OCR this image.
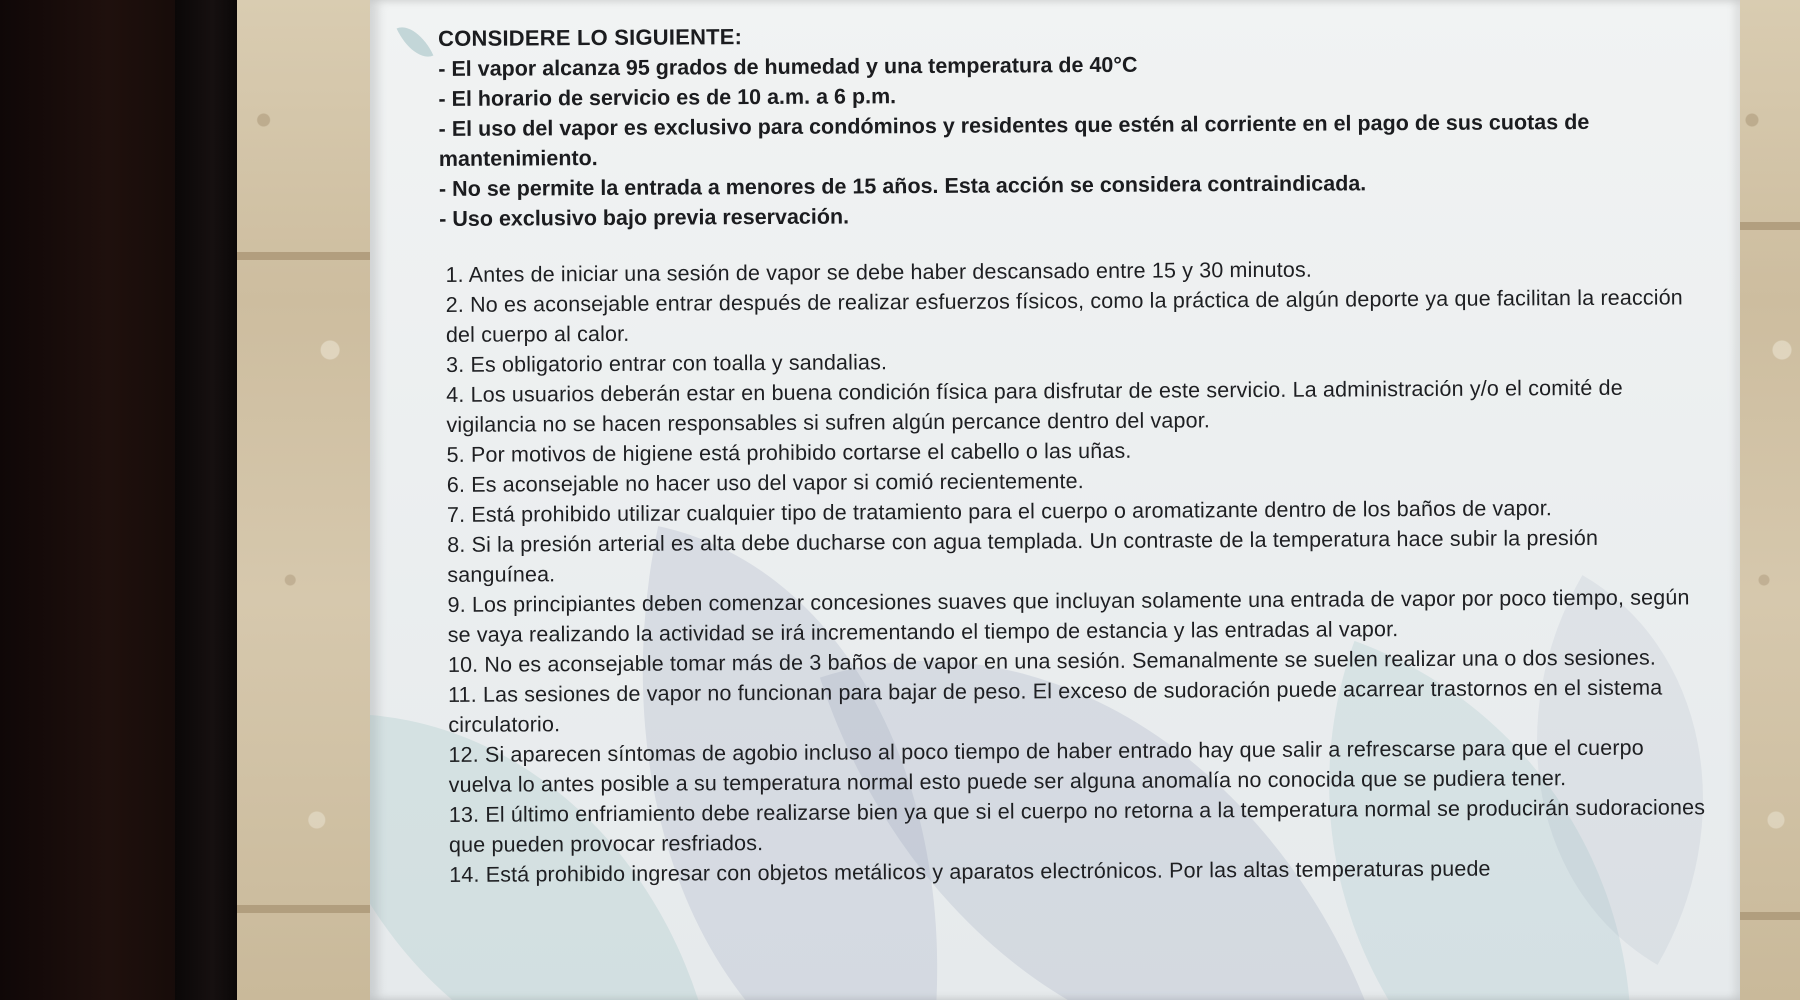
CONSIDERE LO SIGUIENTE:
- El vapor alcanza 95 grados de humedad y una temperatura de 40°C
- El horario de servicio es de 10 a.m. a 6 p.m.
- El uso del vapor es exclusivo para condóminos y residentes que estén al corriente en el pago de sus cuotas de mantenimiento.
- No se permite la entrada a menores de 15 años. Esta acción se considera contraindicada.
- Uso exclusivo bajo previa reservación.
1. Antes de iniciar una sesión de vapor se debe haber descansado entre 15 y 30 minutos.
2. No es aconsejable entrar después de realizar esfuerzos físicos, como la práctica de algún deporte ya que facilitan la reacción del cuerpo al calor.
3. Es obligatorio entrar con toalla y sandalias.
4. Los usuarios deberán estar en buena condición física para disfrutar de este servicio. La administración y/o el comité de vigilancia no se hacen responsables si sufren algún percance dentro del vapor.
5. Por motivos de higiene está prohibido cortarse el cabello o las uñas.
6. Es aconsejable no hacer uso del vapor si comió recientemente.
7. Está prohibido utilizar cualquier tipo de tratamiento para el cuerpo o aromatizante dentro de los baños de vapor.
8. Si la presión arterial es alta debe ducharse con agua templada. Un contraste de la temperatura hace subir la presión sanguínea.
9. Los principiantes deben comenzar concesiones suaves que incluyan solamente una entrada de vapor por poco tiempo, según se vaya realizando la actividad se irá incrementando el tiempo de estancia y las entradas al vapor.
10. No es aconsejable tomar más de 3 baños de vapor en una sesión. Semanalmente se suelen realizar una o dos sesiones.
11. Las sesiones de vapor no funcionan para bajar de peso. El exceso de sudoración puede acarrear trastornos en el sistema circulatorio.
12. Si aparecen síntomas de agobio incluso al poco tiempo de haber entrado hay que salir a refrescarse para que el cuerpo vuelva lo antes posible a su temperatura normal esto puede ser alguna anomalía no conocida que se pudiera tener.
13. El último enfriamiento debe realizarse bien ya que si el cuerpo no retorna a la temperatura normal se producirán sudoraciones que pueden provocar resfriados.
14. Está prohibido ingresar con objetos metálicos y aparatos electrónicos. Por las altas temperaturas puede
